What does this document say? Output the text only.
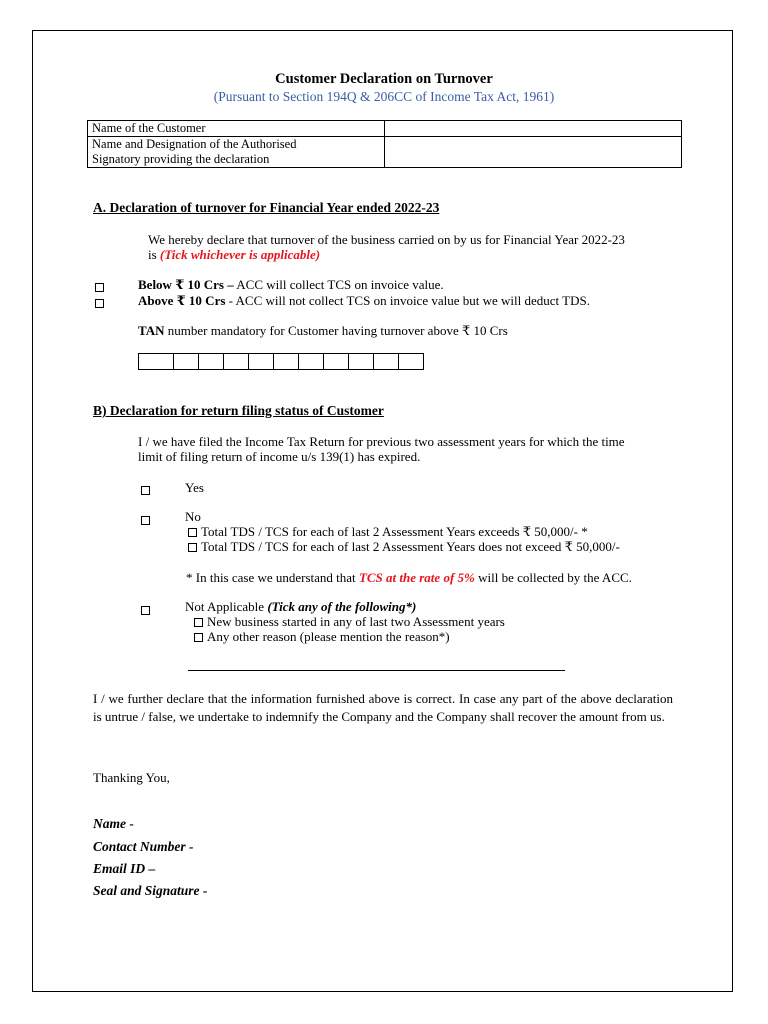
Customer Declaration on Turnover
(Pursuant to Section 194Q & 206CC of Income Tax Act, 1961)
Name of the Customer	

Name and Designation of the Authorised
Signatory providing the declaration	

A. Declaration of turnover for Financial Year ended 2022-23
We hereby declare that turnover of the business carried on by us for Financial Year 2022-23
is (Tick whichever is applicable)
Below ₹ 10 Crs – ACC will collect TCS on invoice value.
Above ₹ 10 Crs - ACC will not collect TCS on invoice value but we will deduct TDS.
TAN number mandatory for Customer having turnover above ₹ 10 Crs
B) Declaration for return filing status of Customer
I / we have filed the Income Tax Return for previous two assessment years for which the time
limit of filing return of income u/s 139(1) has expired.
Yes
No
Total TDS / TCS for each of last 2 Assessment Years exceeds ₹ 50,000/- *
Total TDS / TCS for each of last 2 Assessment Years does not exceed ₹ 50,000/-
* In this case we understand that TCS at the rate of 5% will be collected by the ACC.
Not Applicable (Tick any of the following*)
New business started in any of last two Assessment years
Any other reason (please mention the reason*)
I / we further declare that the information furnished above is correct. In case any part of the above declaration is untrue / false, we undertake to indemnify the Company and the Company shall recover the amount from us.
Thanking You,
Name -
Contact Number -
Email ID –
Seal and Signature -
